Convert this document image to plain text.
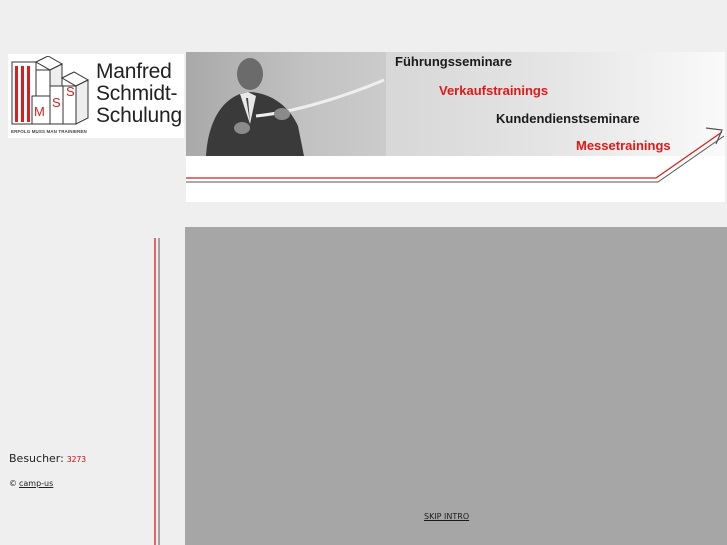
M
S
S
Manfred
Schmidt-
Schulung
ERFOLG MUSS MAN TRAINIEREN
Führungsseminare
Verkaufstrainings
Kundendienstseminare
Messetrainings
Besucher: 3273
© camp-us
SKIP INTRO
